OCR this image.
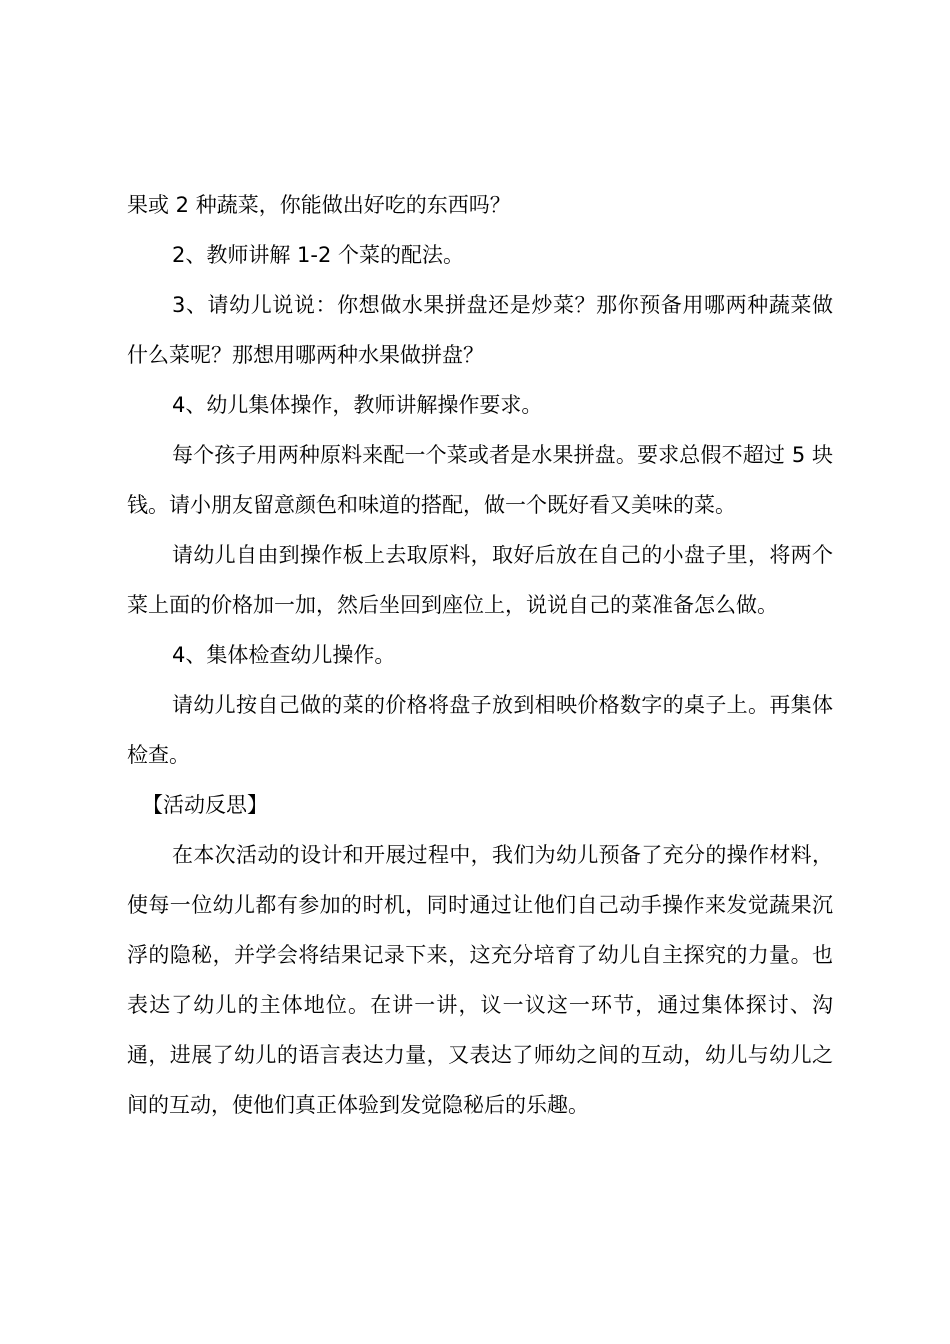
果或 2 种蔬菜，你能做出好吃的东西吗？

2、教师讲解 1-2 个菜的配法。

3、请幼儿说说：你想做水果拼盘还是炒菜？那你预备用哪两种蔬菜做什么菜呢？那想用哪两种水果做拼盘？

4、幼儿集体操作，教师讲解操作要求。

每个孩子用两种原料来配一个菜或者是水果拼盘。要求总假不超过 5 块钱。请小朋友留意颜色和味道的搭配，做一个既好看又美味的菜。

请幼儿自由到操作板上去取原料，取好后放在自己的小盘子里，将两个菜上面的价格加一加，然后坐回到座位上，说说自己的菜准备怎么做。

4、集体检查幼儿操作。

请幼儿按自己做的菜的价格将盘子放到相映价格数字的桌子上。再集体检查。

【活动反思】

在本次活动的设计和开展过程中，我们为幼儿预备了充分的操作材料，使每一位幼儿都有参加的时机，同时通过让他们自己动手操作来发觉蔬果沉浮的隐秘，并学会将结果记录下来，这充分培育了幼儿自主探究的力量。也表达了幼儿的主体地位。在讲一讲，议一议这一环节，通过集体探讨、沟通，进展了幼儿的语言表达力量，又表达了师幼之间的互动，幼儿与幼儿之间的互动，使他们真正体验到发觉隐秘后的乐趣。
